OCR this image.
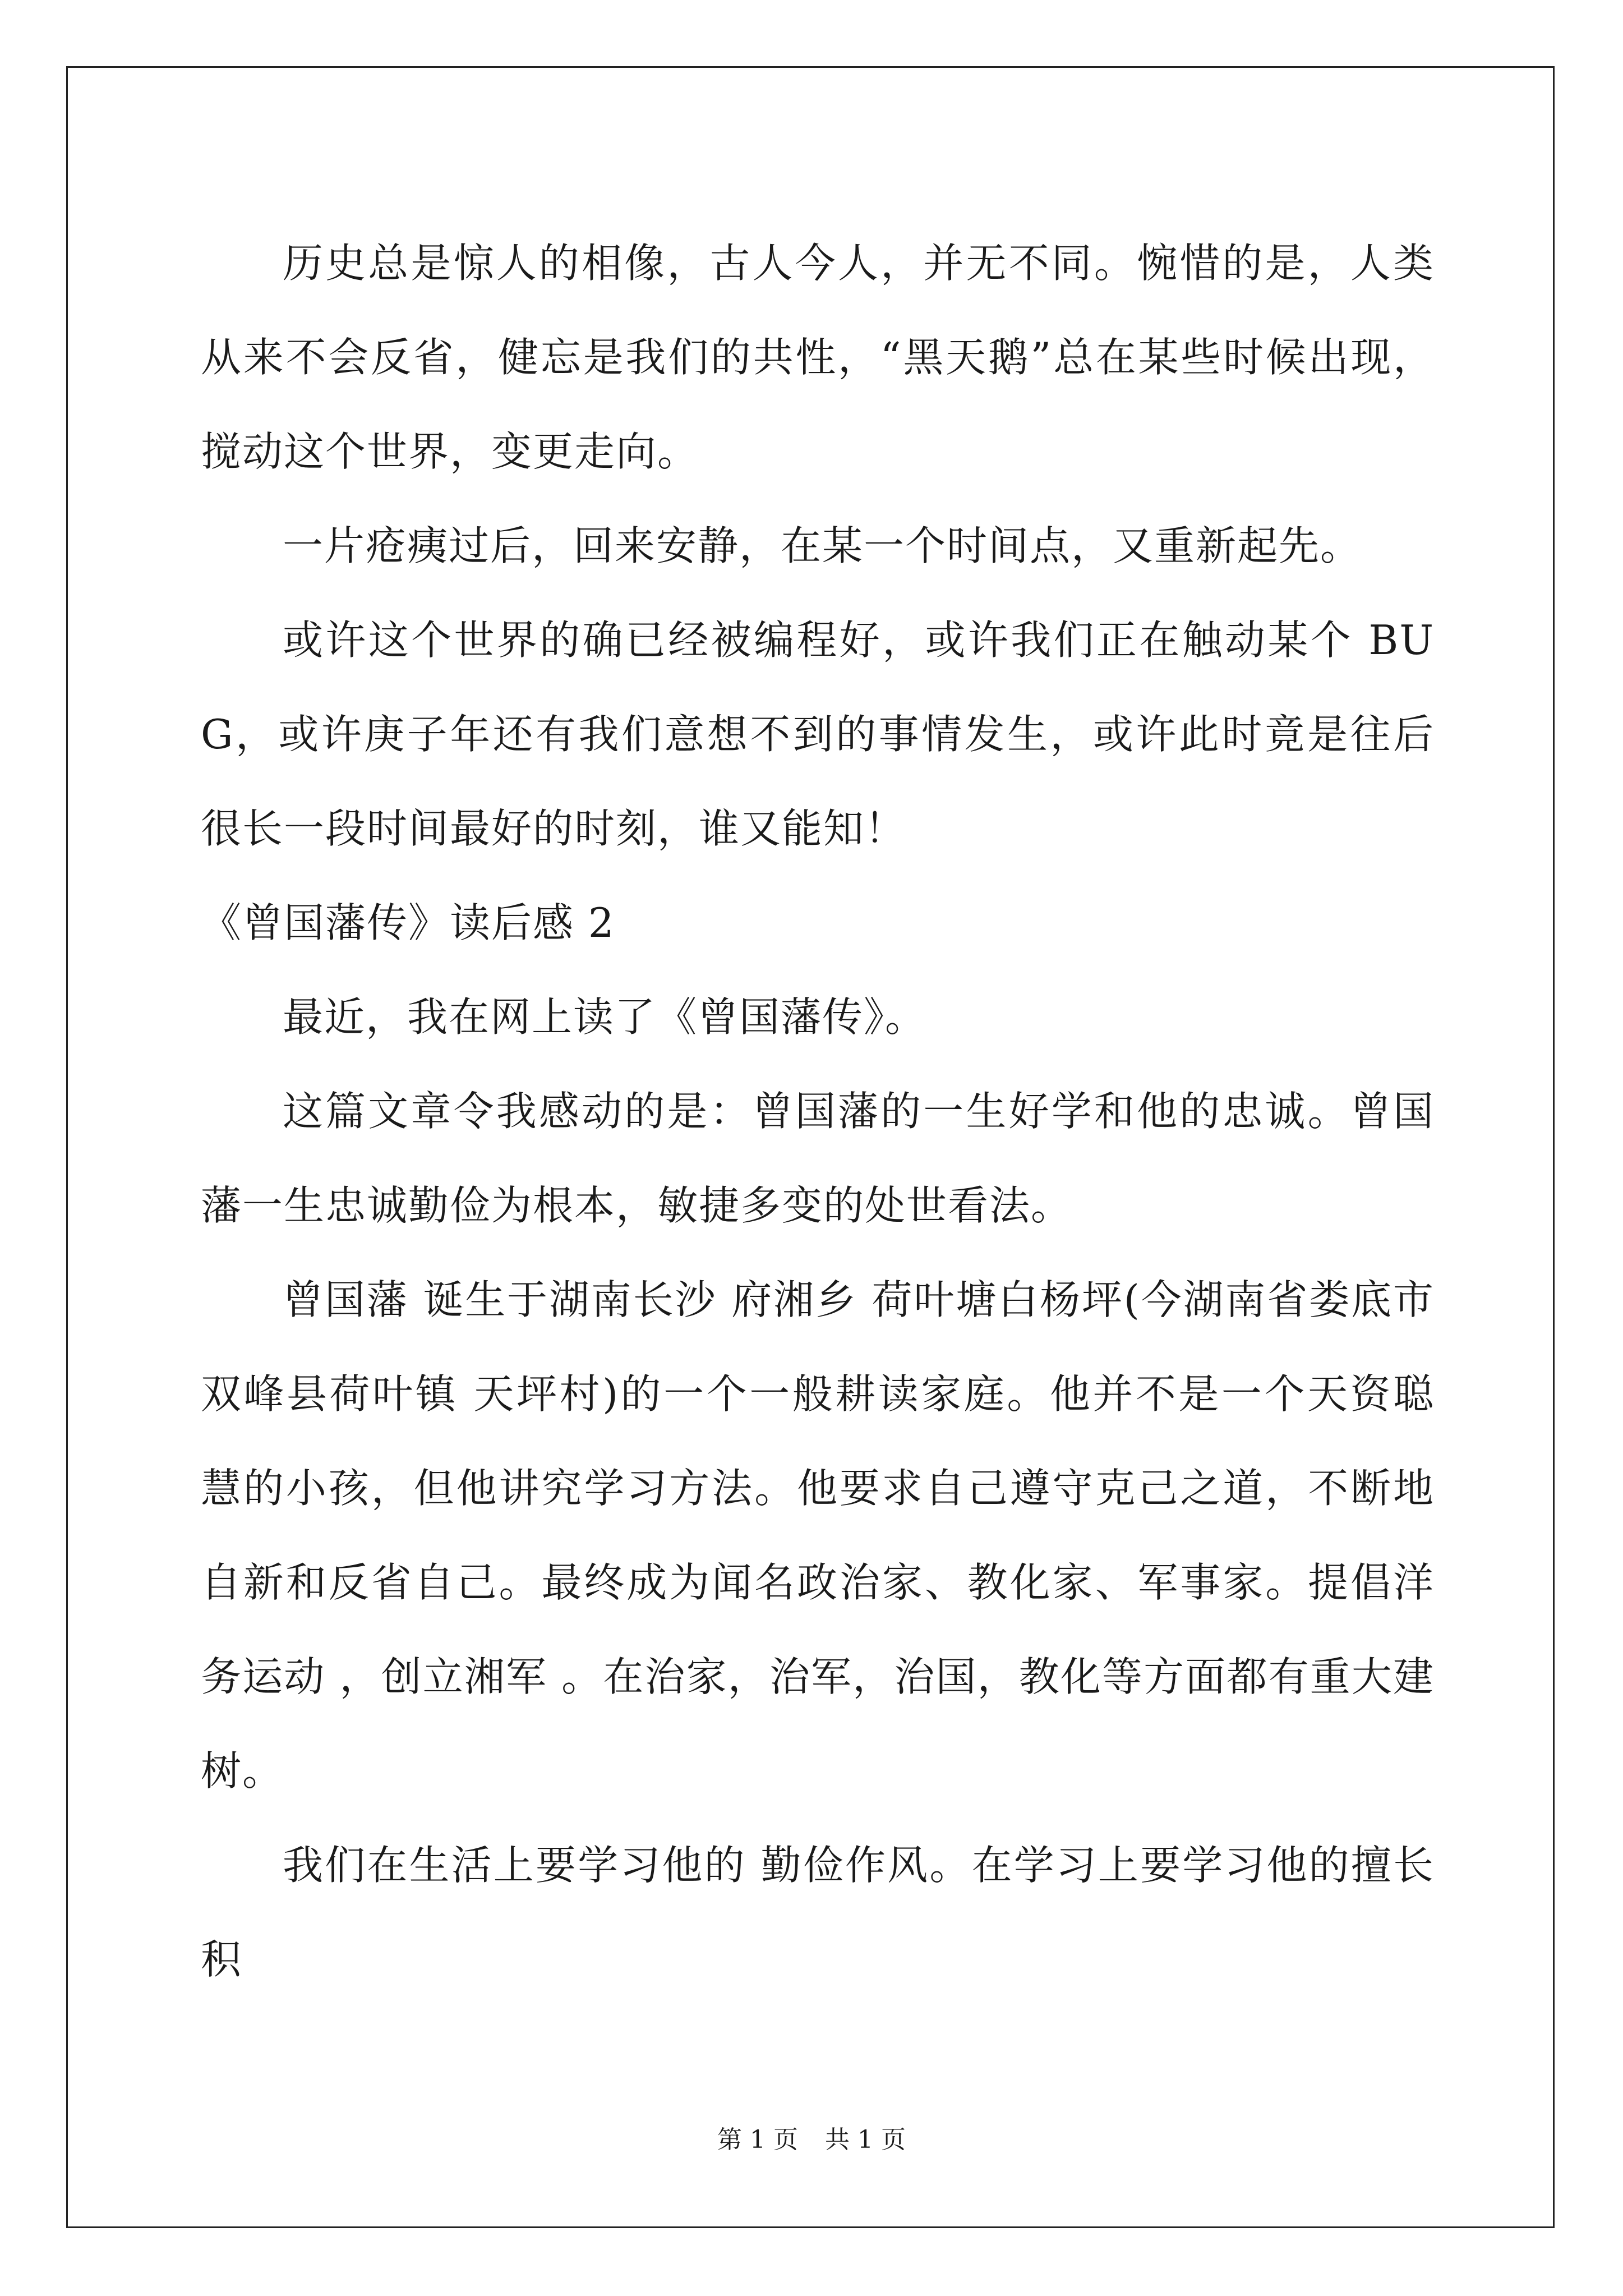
历史总是惊人的相像，古人今人，并无不同。惋惜的是，人类从来不会反省，健忘是我们的共性，“黑天鹅”总在某些时候出现，搅动这个世界，变更走向。

一片疮痍过后，回来安静，在某一个时间点，又重新起先。

或许这个世界的确已经被编程好，或许我们正在触动某个 BUG，或许庚子年还有我们意想不到的事情发生，或许此时竟是往后很长一段时间最好的时刻，谁又能知！

《曾国藩传》读后感 2

最近，我在网上读了《曾国藩传》。

这篇文章令我感动的是：曾国藩的一生好学和他的忠诚。曾国藩一生忠诚勤俭为根本，敏捷多变的处世看法。

曾国藩 诞生于湖南长沙 府湘乡 荷叶塘白杨坪(今湖南省娄底市双峰县荷叶镇 天坪村)的一个一般耕读家庭。他并不是一个天资聪慧的小孩，但他讲究学习方法。他要求自己遵守克己之道，不断地自新和反省自己。最终成为闻名政治家、教化家、军事家。提倡洋务运动 ，创立湘军 。在治家，治军，治国，教化等方面都有重大建树。

我们在生活上要学习他的 勤俭作风。在学习上要学习他的擅长积

第 1 页 共 1 页
